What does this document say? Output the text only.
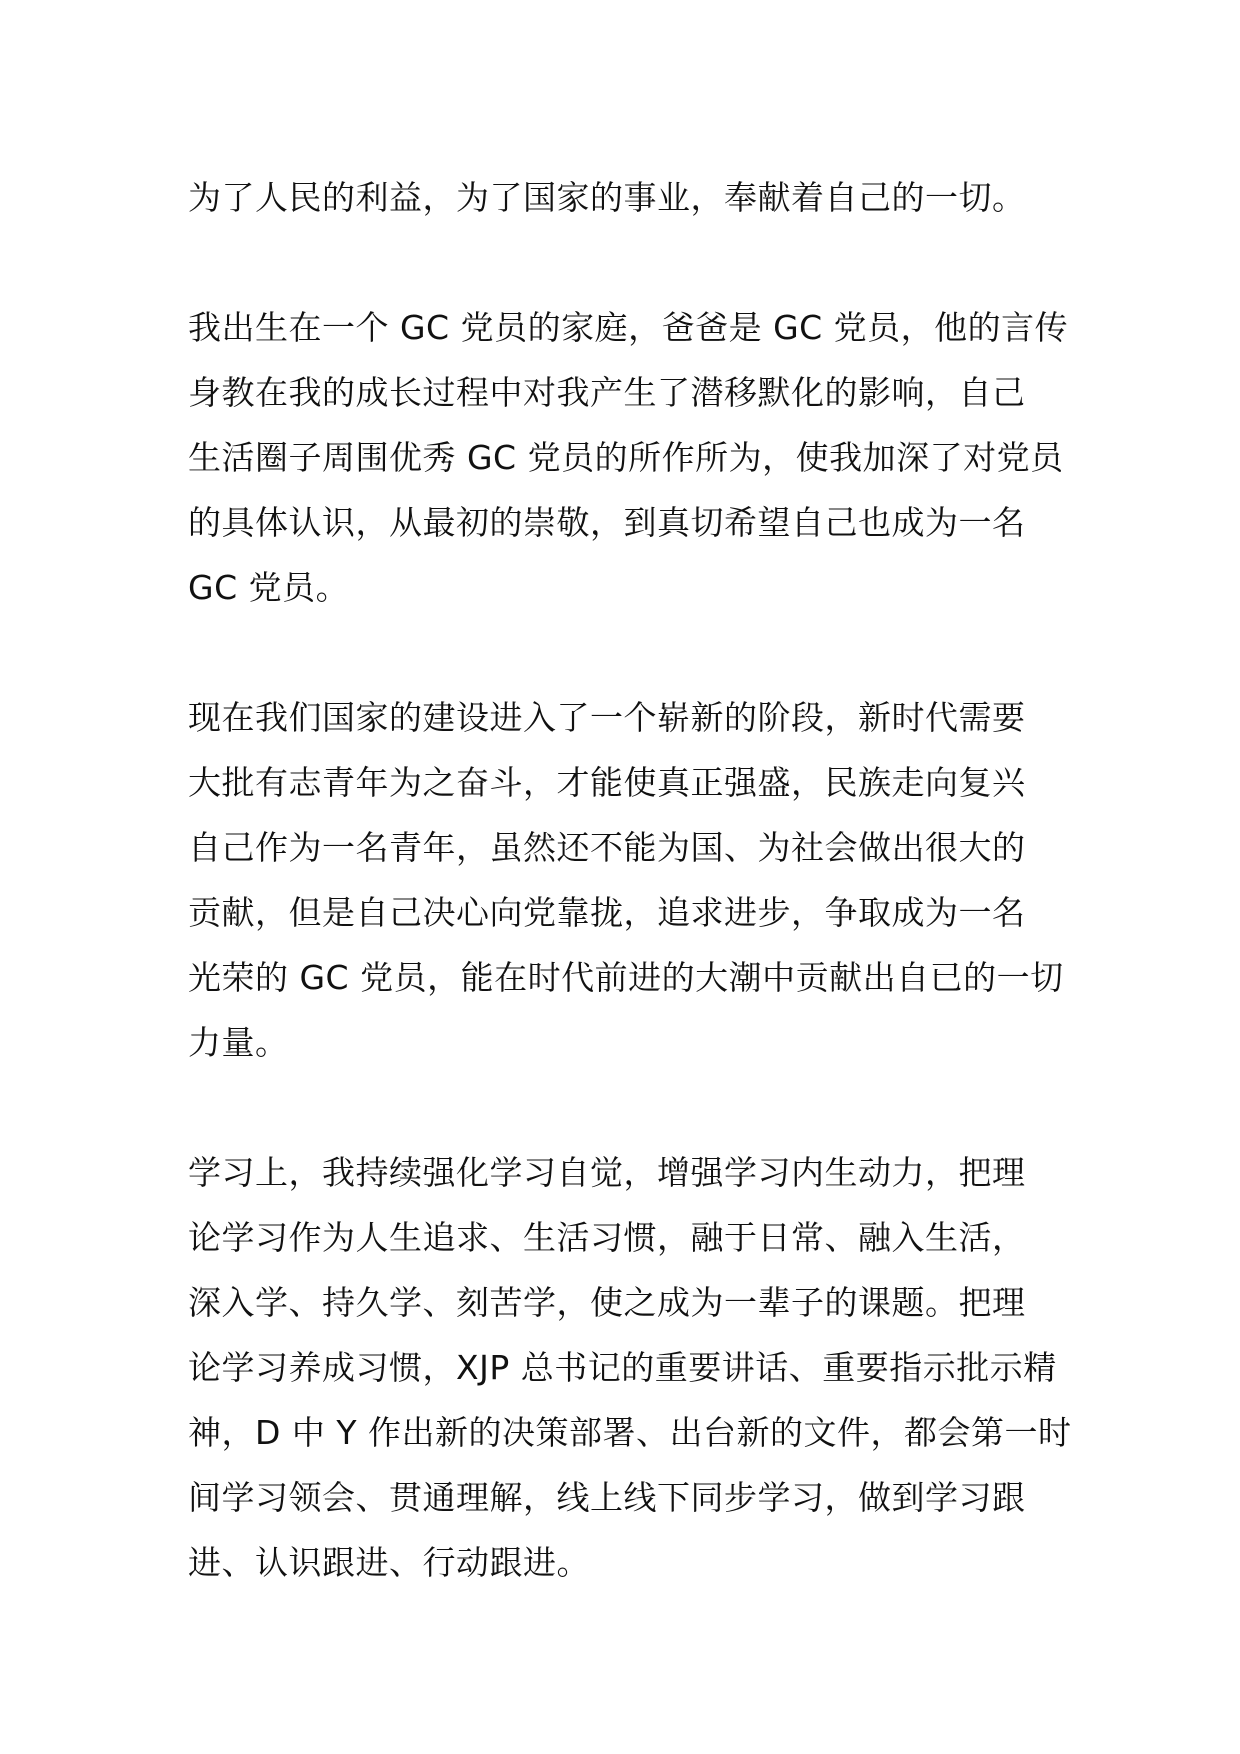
为了人民的利益，为了国家的事业，奉献着自己的一切。

我出生在一个 GC 党员的家庭，爸爸是 GC 党员，他的言传
身教在我的成长过程中对我产生了潜移默化的影响，自己
生活圈子周围优秀 GC 党员的所作所为，使我加深了对党员
的具体认识，从最初的崇敬，到真切希望自己也成为一名
GC 党员。

现在我们国家的建设进入了一个崭新的阶段，新时代需要
大批有志青年为之奋斗，才能使真正强盛，民族走向复兴
自己作为一名青年，虽然还不能为国、为社会做出很大的
贡献，但是自己决心向党靠拢，追求进步，争取成为一名
光荣的 GC 党员，能在时代前进的大潮中贡献出自已的一切
力量。

学习上，我持续强化学习自觉，增强学习内生动力，把理
论学习作为人生追求、生活习惯，融于日常、融入生活，
深入学、持久学、刻苦学，使之成为一辈子的课题。把理
论学习养成习惯，XJP 总书记的重要讲话、重要指示批示精
神，D 中 Y 作出新的决策部署、出台新的文件，都会第一时
间学习领会、贯通理解，线上线下同步学习，做到学习跟
进、认识跟进、行动跟进。
